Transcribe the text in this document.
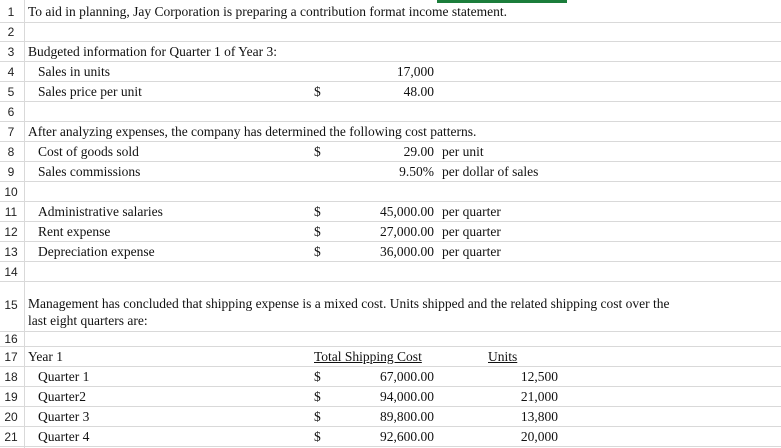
1
2
3
4
5
6
7
8
9
10
11
12
13
14
15
16
17
18
19
20
21
To aid in planning, Jay Corporation is preparing a contribution format income statement.
Budgeted information for Quarter 1 of Year 3:
Sales in units	17,000
Sales price per unit	$	48.00
After analyzing expenses, the company has determined the following cost patterns.
Cost of goods sold	$	29.00 per unit
Sales commissions	9.50% per dollar of sales
Administrative salaries	$	45,000.00 per quarter
Rent expense	$	27,000.00 per quarter
Depreciation expense	$	36,000.00 per quarter
Management has concluded that shipping expense is a mixed cost. Units shipped and the related shipping cost over the
last eight quarters are:
Year 1	Total Shipping Cost	Units
Quarter 1	$	67,000.00	12,500
Quarter2	$	94,000.00	21,000
Quarter 3	$	89,800.00	13,800
Quarter 4	$	92,600.00	20,000
